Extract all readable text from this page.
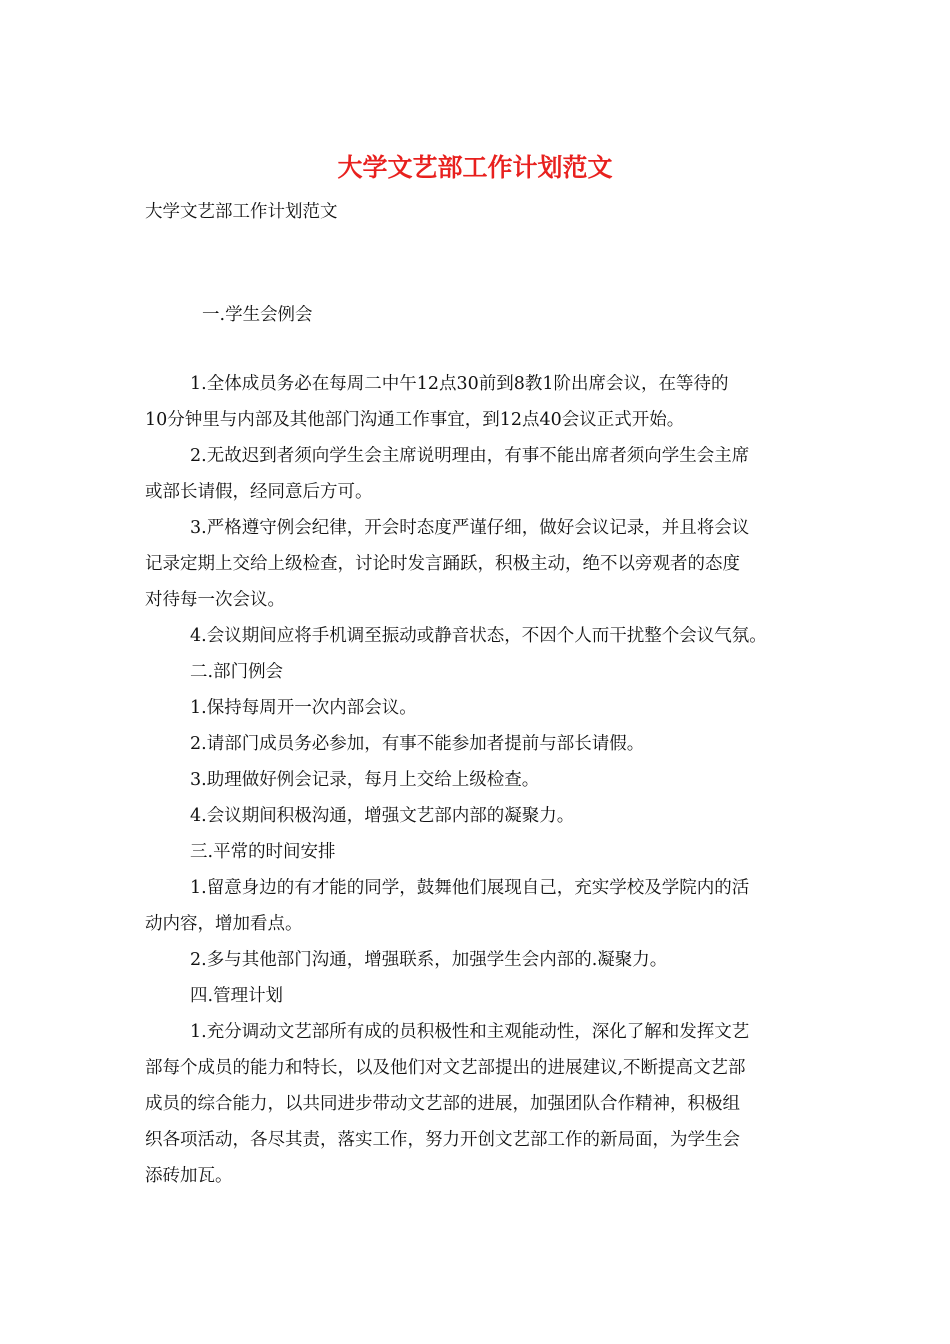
大学文艺部工作计划范文
大学文艺部工作计划范文
一.学生会例会
1.全体成员务必在每周二中午12点30前到8教1阶出席会议，在等待的
10分钟里与内部及其他部门沟通工作事宜，到12点40会议正式开始。
2.无故迟到者须向学生会主席说明理由，有事不能出席者须向学生会主席
或部长请假，经同意后方可。
3.严格遵守例会纪律，开会时态度严谨仔细，做好会议记录，并且将会议
记录定期上交给上级检查，讨论时发言踊跃，积极主动，绝不以旁观者的态度
对待每一次会议。
4.会议期间应将手机调至振动或静音状态，不因个人而干扰整个会议气氛。
二.部门例会
1.保持每周开一次内部会议。
2.请部门成员务必参加，有事不能参加者提前与部长请假。
3.助理做好例会记录，每月上交给上级检查。
4.会议期间积极沟通，增强文艺部内部的凝聚力。
三.平常的时间安排
1.留意身边的有才能的同学，鼓舞他们展现自己，充实学校及学院内的活
动内容，增加看点。
2.多与其他部门沟通，增强联系，加强学生会内部的.凝聚力。
四.管理计划
1.充分调动文艺部所有成的员积极性和主观能动性，深化了解和发挥文艺
部每个成员的能力和特长，以及他们对文艺部提出的进展建议,不断提高文艺部
成员的综合能力，以共同进步带动文艺部的进展，加强团队合作精神，积极组
织各项活动，各尽其责，落实工作，努力开创文艺部工作的新局面，为学生会
添砖加瓦。
